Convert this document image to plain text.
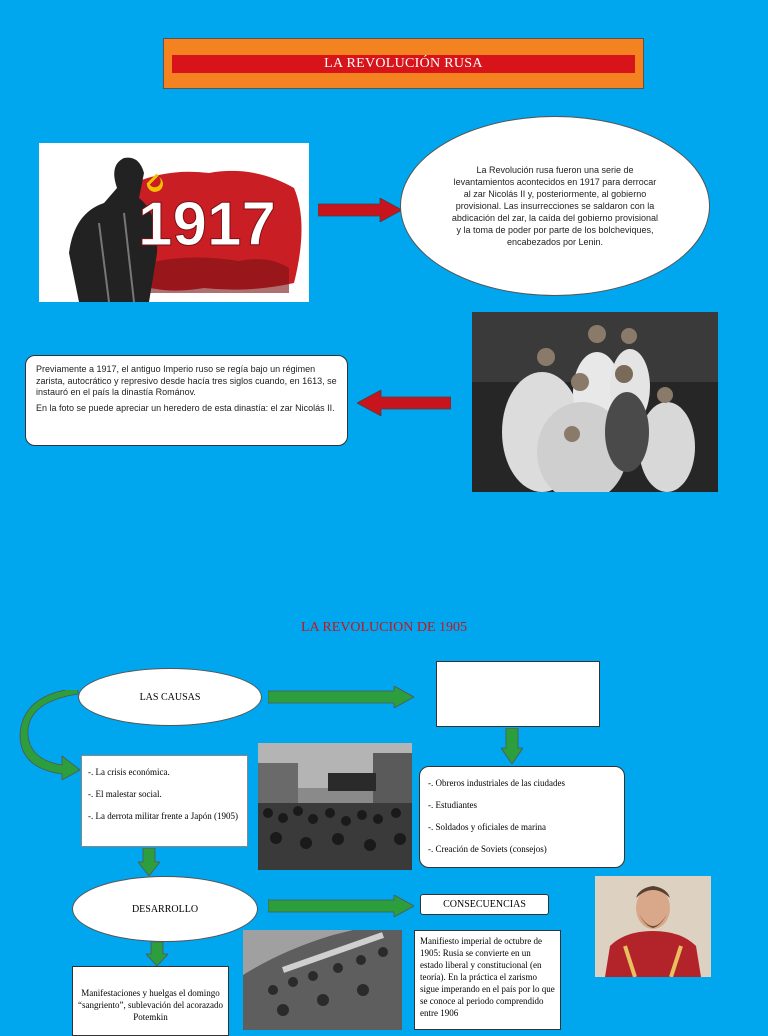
LA REVOLUCIÓN RUSA
1917
La Revolución rusa fueron una serie de levantamientos acontecidos en 1917 para derrocar al zar Nicolás II y, posteriormente, al gobierno provisional. Las insurrecciones se saldaron con la abdicación del zar, la caída del gobierno provisional y la toma de poder por parte de los bolcheviques, encabezados por Lenin.

Previamente a 1917, el antiguo Imperio ruso se regía bajo un régimen zarista, autocrático y represivo desde hacía tres siglos cuando, en 1613, se instauró en el país la dinastía Románov.

En la foto se puede apreciar un heredero de esta dinastía: el zar Nicolás II.

LA REVOLUCION DE 1905
LAS CAUSAS
-. La crisis económica.
-. El malestar social.
-. La derrota militar frente a Japón (1905)
-. Obreros industriales de las ciudades
-. Estudiantes
-. Soldados y oficiales de marina
-. Creación de Soviets (consejos)
DESARROLLO	CONSECUENCIAS
Manifestaciones y huelgas el domingo “sangriento”, sublevación del acorazado Potemkin
Manifiesto imperial de octubre de 1905: Rusia se convierte en un estado liberal y constitucional (en teoría). En la práctica el zarismo sigue imperando en el país por lo que se conoce al periodo comprendido entre 1906
